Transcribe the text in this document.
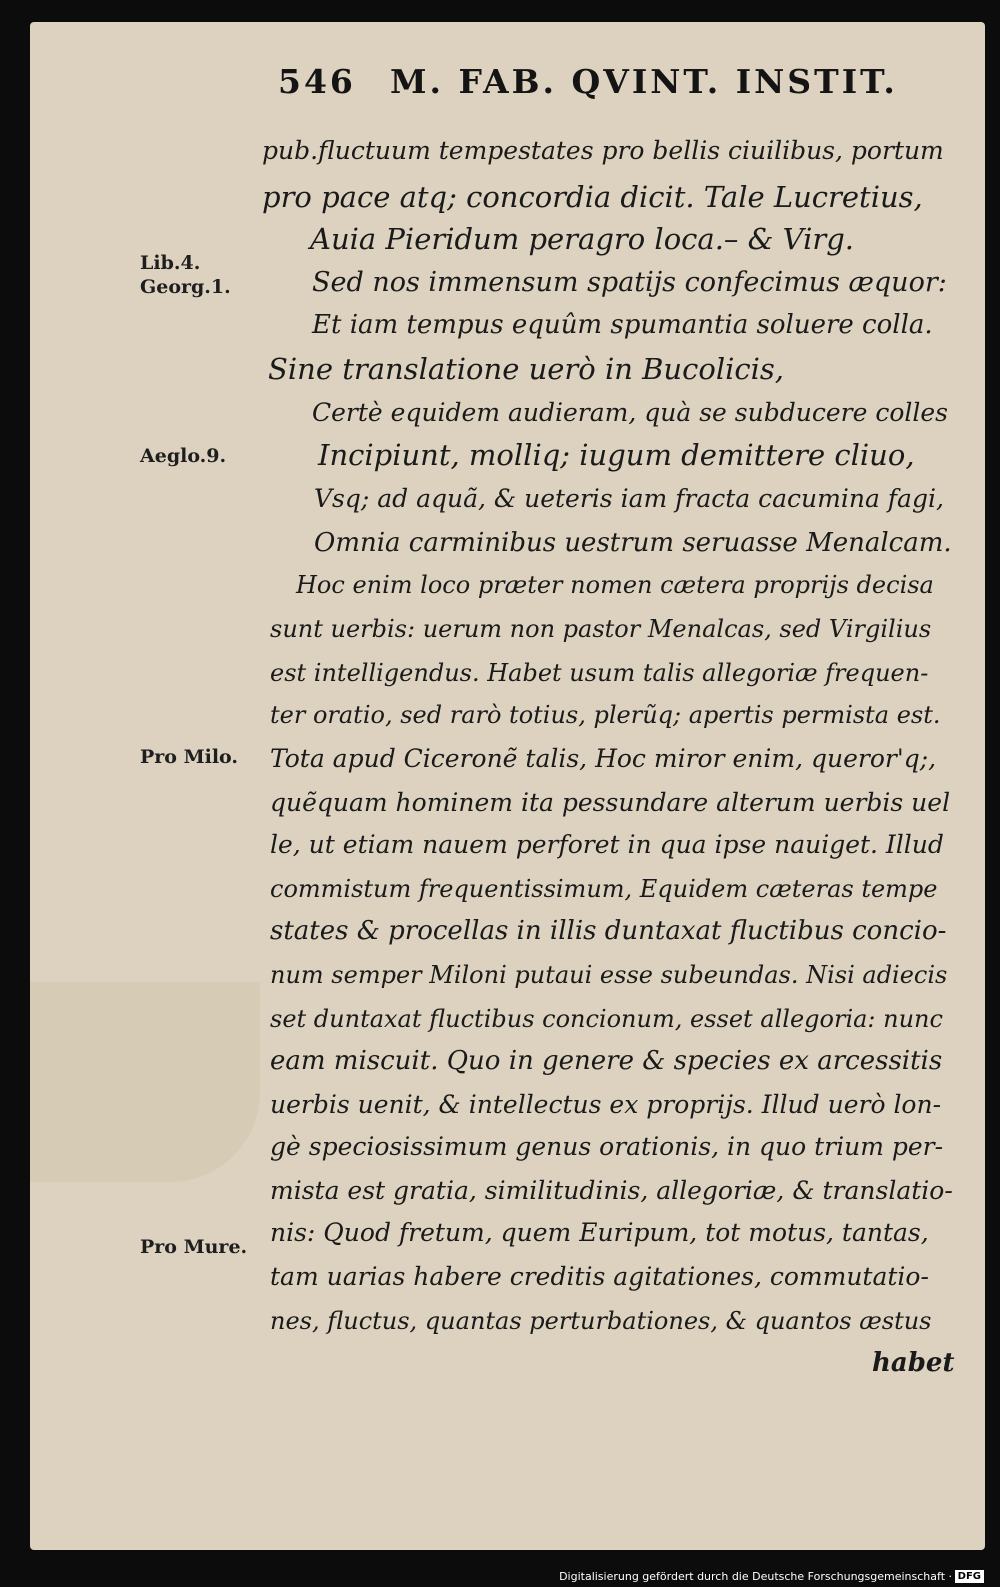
546 M. FAB. QVINT. INSTIT.
Lib.4.
Georg.1.
Aeglo.9.
Pro Milo.
Pro Mure.
pub.fluctuum tempestates pro bellis ciuilibus, portum
pro pace atq; concordia dicit. Tale Lucretius,
Auia Pieridum peragro loca.– & Virg.
Sed nos immensum spatijs confecimus æquor:
Et iam tempus equûm spumantia soluere colla.
Sine translatione uerò in Bucolicis,
Certè equidem audieram, quà se subducere colles
Incipiunt, molliq; iugum demittere cliuo,
Vsq; ad aquã, & ueteris iam fracta cacumina fagi,
Omnia carminibus uestrum seruasse Menalcam.
Hoc enim loco præter nomen cætera proprijs decisa
sunt uerbis: uerum non pastor Menalcas, sed Virgilius
est intelligendus. Habet usum talis allegoriæ frequen-
ter oratio, sed rarò totius, plerũq; apertis permista est.
Tota apud Ciceronẽ talis, Hoc miror enim, queror'q;,
quẽquam hominem ita pessundare alterum uerbis uel
le, ut etiam nauem perforet in qua ipse nauiget. Illud
commistum frequentissimum, Equidem cæteras tempe
states & procellas in illis duntaxat fluctibus concio-
num semper Miloni putaui esse subeundas. Nisi adiecis
set duntaxat fluctibus concionum, esset allegoria: nunc
eam miscuit. Quo in genere & species ex arcessitis
uerbis uenit, & intellectus ex proprijs. Illud uerò lon-
gè speciosissimum genus orationis, in quo trium per-
mista est gratia, similitudinis, allegoriæ, & translatio-
nis: Quod fretum, quem Euripum, tot motus, tantas,
tam uarias habere creditis agitationes, commutatio-
nes, fluctus, quantas perturbationes, & quantos æstus
habet
Digitalisierung gefördert durch die Deutsche Forschungsgemeinschaft · DFG
